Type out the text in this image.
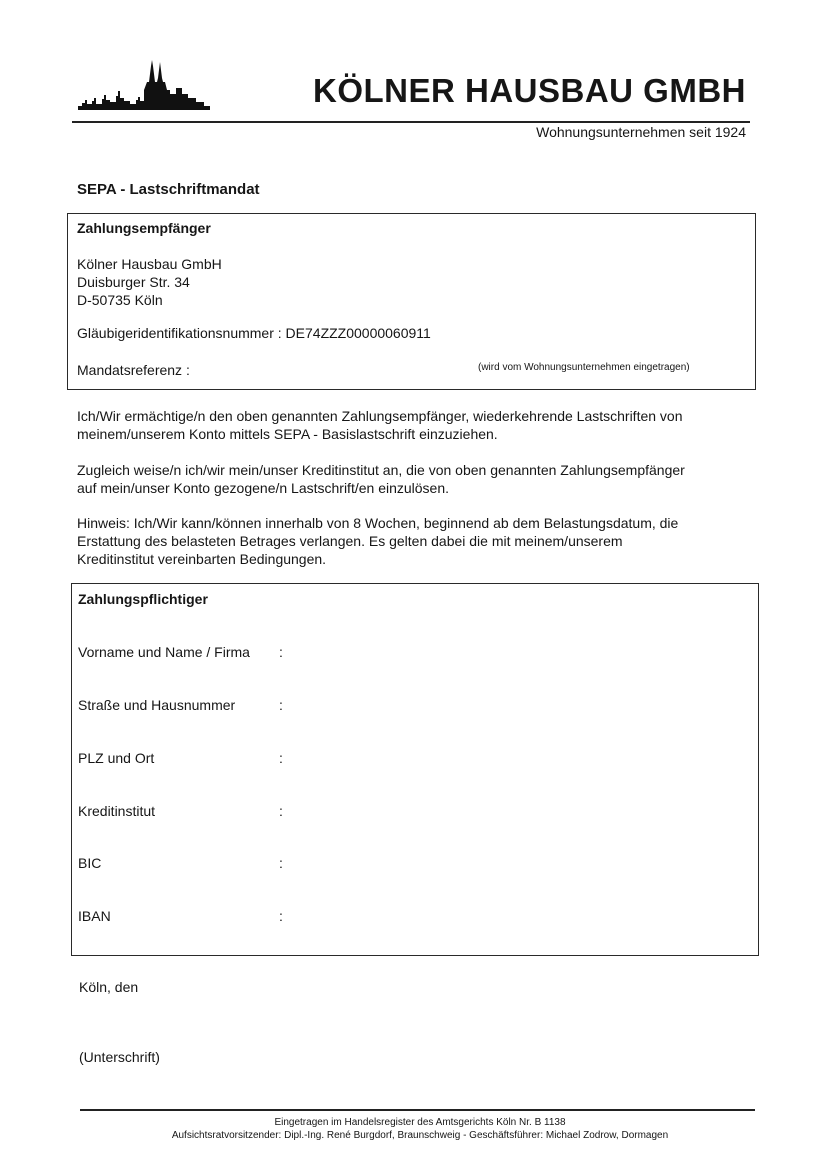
KÖLNER HAUSBAU GMBH
Wohnungsunternehmen seit 1924
SEPA - Lastschriftmandat
Zahlungsempfänger
Kölner Hausbau GmbH
Duisburger Str. 34
D-50735 Köln
Gläubigeridentifikationsnummer : DE74ZZZ00000060911
Mandatsreferenz :	(wird vom Wohnungsunternehmen eingetragen)
Ich/Wir ermächtige/n den oben genannten Zahlungsempfänger, wiederkehrende Lastschriften von
meinem/unserem Konto mittels SEPA - Basislastschrift einzuziehen.
Zugleich weise/n ich/wir mein/unser Kreditinstitut an, die von oben genannten Zahlungsempfänger
auf mein/unser Konto gezogene/n Lastschrift/en einzulösen.
Hinweis: Ich/Wir kann/können innerhalb von 8 Wochen, beginnend ab dem Belastungsdatum, die
Erstattung des belasteten Betrages verlangen. Es gelten dabei die mit meinem/unserem
Kreditinstitut vereinbarten Bedingungen.
Zahlungspflichtiger
Vorname und Name / Firma :
Straße und Hausnummer	:
PLZ und Ort	:
Kreditinstitut	:
BIC	:
IBAN	:
Köln, den
(Unterschrift)
Eingetragen im Handelsregister des Amtsgerichts Köln Nr. B 1138
Aufsichtsratvorsitzender: Dipl.-Ing. René Burgdorf, Braunschweig - Geschäftsführer: Michael Zodrow, Dormagen
